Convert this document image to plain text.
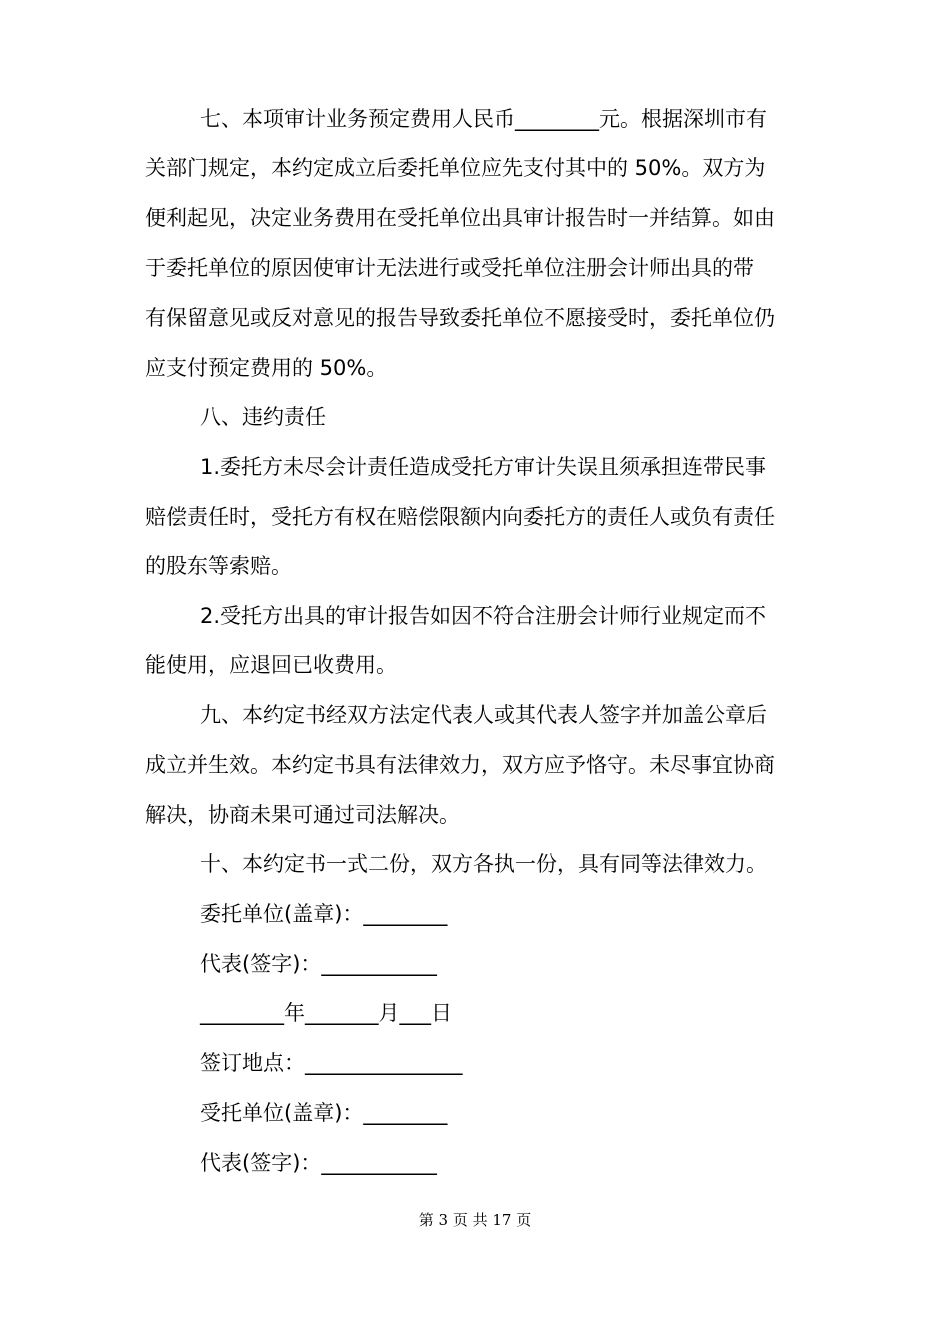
七、本项审计业务预定费用人民币________元。根据深圳市有
关部门规定，本约定成立后委托单位应先支付其中的 50%。双方为
便利起见，决定业务费用在受托单位出具审计报告时一并结算。如由
于委托单位的原因使审计无法进行或受托单位注册会计师出具的带
有保留意见或反对意见的报告导致委托单位不愿接受时，委托单位仍
应支付预定费用的 50%。
八、违约责任
1.委托方未尽会计责任造成受托方审计失误且须承担连带民事
赔偿责任时，受托方有权在赔偿限额内向委托方的责任人或负有责任
的股东等索赔。
2.受托方出具的审计报告如因不符合注册会计师行业规定而不
能使用，应退回已收费用。
九、本约定书经双方法定代表人或其代表人签字并加盖公章后
成立并生效。本约定书具有法律效力，双方应予恪守。未尽事宜协商
解决，协商未果可通过司法解决。
十、本约定书一式二份，双方各执一份，具有同等法律效力。
委托单位(盖章)：________
代表(签字)：___________
________年_______月___日
签订地点：_______________
受托单位(盖章)：________
代表(签字)：___________
第 3 页 共 17 页
